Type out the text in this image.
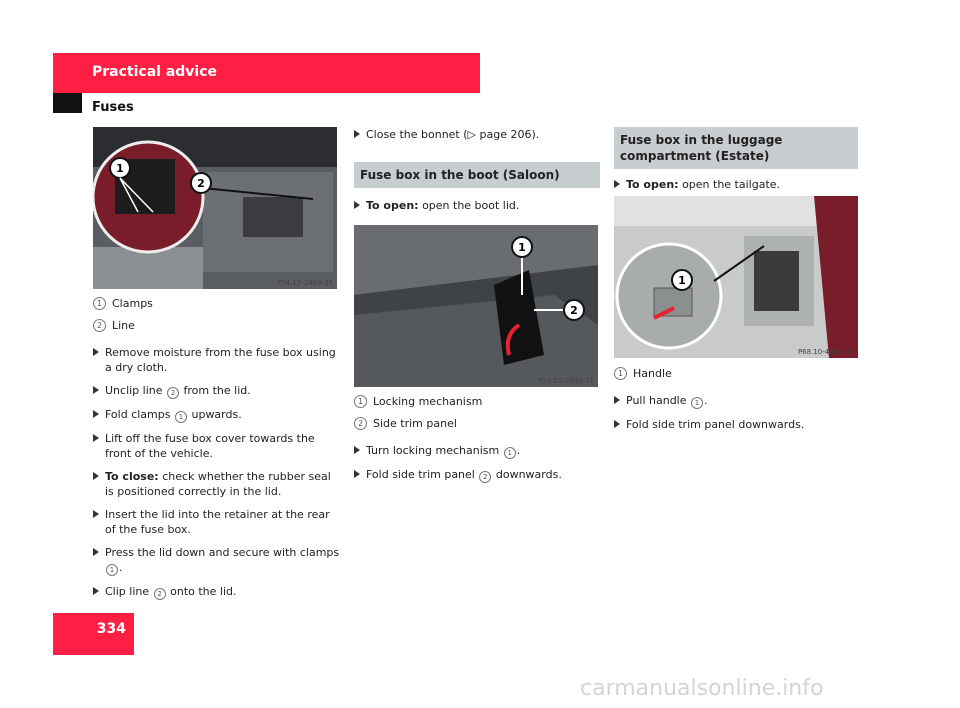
Practical advice
Fuses
1
2
P54.15-2989-31
1 Clamps
2 Line
Remove moisture from the fuse box using a dry cloth.
Unclip line 2 from the lid.
Fold clamps 1 upwards.
Lift off the fuse box cover towards the front of the vehicle.
To close: check whether the rubber seal is positioned correctly in the lid.
Insert the lid into the retainer at the rear of the fuse box.
Press the lid down and secure with clamps
1 .
Clip line 2 onto the lid.
Close the bonnet (▷ page 206).
Fuse box in the boot (Saloon)
To open: open the boot lid.
1
2
P54.15-2990-31
1 Locking mechanism
2 Side trim panel
Turn locking mechanism 1 .
Fold side trim panel 2 downwards.
Fuse box in the luggage compartment (Estate)
To open: open the tailgate.
1
P68.10-4601-31
1 Handle
Pull handle 1 .
Fold side trim panel downwards.
334
carmanualsonline.info
